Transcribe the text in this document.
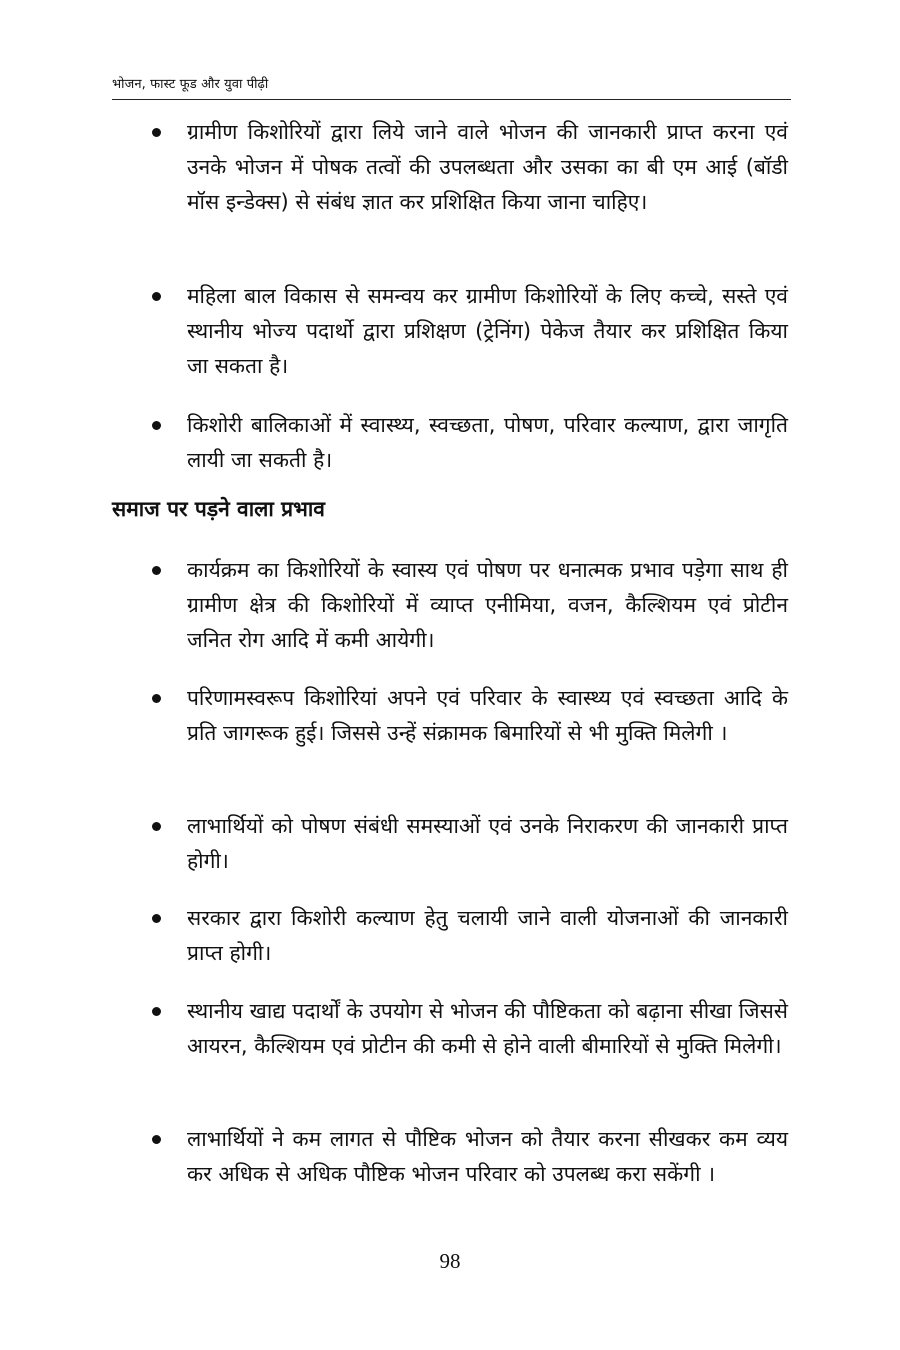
भोजन, फास्ट फूड और युवा पीढ़ी
ग्रामीण किशोरियों द्वारा लिये जाने वाले भोजन की जानकारी प्राप्त करना एवं उनके भोजन में पोषक तत्वों की उपलब्धता और उसका का बी एम आई (बॉडी मॉस इन्डेक्स) से संबंध ज्ञात कर प्रशिक्षित किया जाना चाहिए।
महिला बाल विकास से समन्वय कर ग्रामीण किशोरियों के लिए कच्चे, सस्ते एवं स्थानीय भोज्य पदार्थो द्वारा प्रशिक्षण (ट्रेनिंग) पेकेज तैयार कर प्रशिक्षित किया जा सकता है।
किशोरी बालिकाओं में स्वास्थ्य, स्वच्छता, पोषण, परिवार कल्याण, द्वारा जागृति लायी जा सकती है।
समाज पर पड़ने वाला प्रभाव
कार्यक्रम का किशोरियों के स्वास्य एवं पोषण पर धनात्मक प्रभाव पड़ेगा साथ ही ग्रामीण क्षेत्र की किशोरियों में व्याप्त एनीमिया, वजन, कैल्शियम एवं प्रोटीन जनित रोग आदि में कमी आयेगी।
परिणामस्वरूप किशोरियां अपने एवं परिवार के स्वास्थ्य एवं स्वच्छता आदि के प्रति जागरूक हुई। जिससे उन्हें संक्रामक बिमारियों से भी मुक्ति मिलेगी ।
लाभार्थियों को पोषण संबंधी समस्याओं एवं उनके निराकरण की जानकारी प्राप्त होगी।
सरकार द्वारा किशोरी कल्याण हेतु चलायी जाने वाली योजनाओं की जानकारी प्राप्त होगी।
स्थानीय खाद्य पदार्थों के उपयोग से भोजन की पौष्टिकता को बढ़ाना सीखा जिससे आयरन, कैल्शियम एवं प्रोटीन की कमी से होने वाली बीमारियों से मुक्ति मिलेगी।
लाभार्थियों ने कम लागत से पौष्टिक भोजन को तैयार करना सीखकर कम व्यय कर अधिक से अधिक पौष्टिक भोजन परिवार को उपलब्ध करा सकेंगी ।
98
